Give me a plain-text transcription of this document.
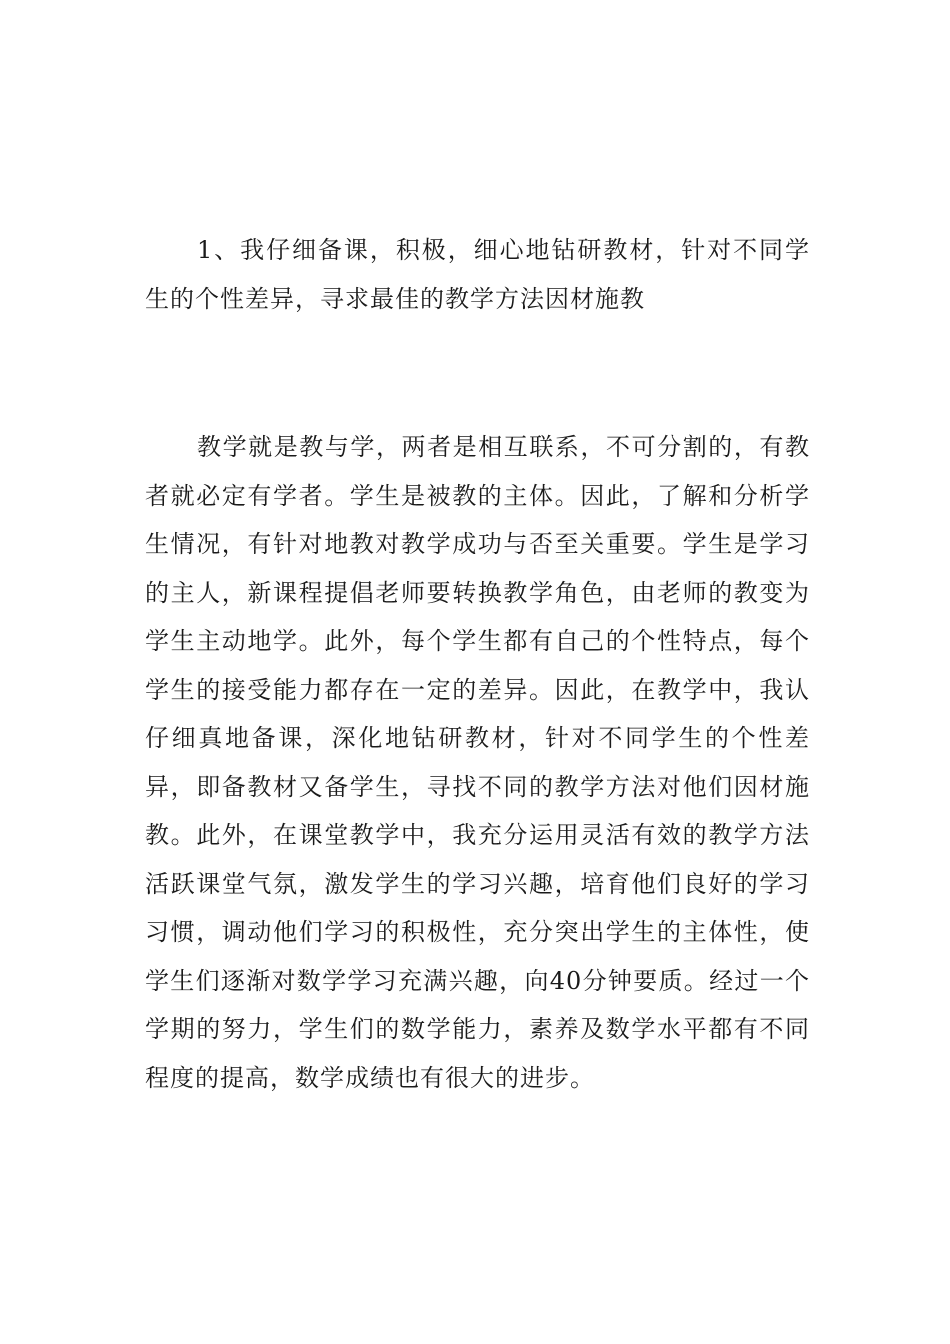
1、我仔细备课，积极，细心地钻研教材，针对不同学生的个性差异，寻求最佳的教学方法因材施教

教学就是教与学，两者是相互联系，不可分割的，有教者就必定有学者。学生是被教的主体。因此，了解和分析学生情况，有针对地教对教学成功与否至关重要。学生是学习的主人，新课程提倡老师要转换教学角色，由老师的教变为学生主动地学。此外，每个学生都有自己的个性特点，每个学生的接受能力都存在一定的差异。因此，在教学中，我认仔细真地备课，深化地钻研教材，针对不同学生的个性差异，即备教材又备学生，寻找不同的教学方法对他们因材施教。此外，在课堂教学中，我充分运用灵活有效的教学方法活跃课堂气氛，激发学生的学习兴趣，培育他们良好的学习习惯，调动他们学习的积极性，充分突出学生的主体性，使学生们逐渐对数学学习充满兴趣，向40分钟要质。经过一个学期的努力，学生们的数学能力，素养及数学水平都有不同程度的提高，数学成绩也有很大的进步。
